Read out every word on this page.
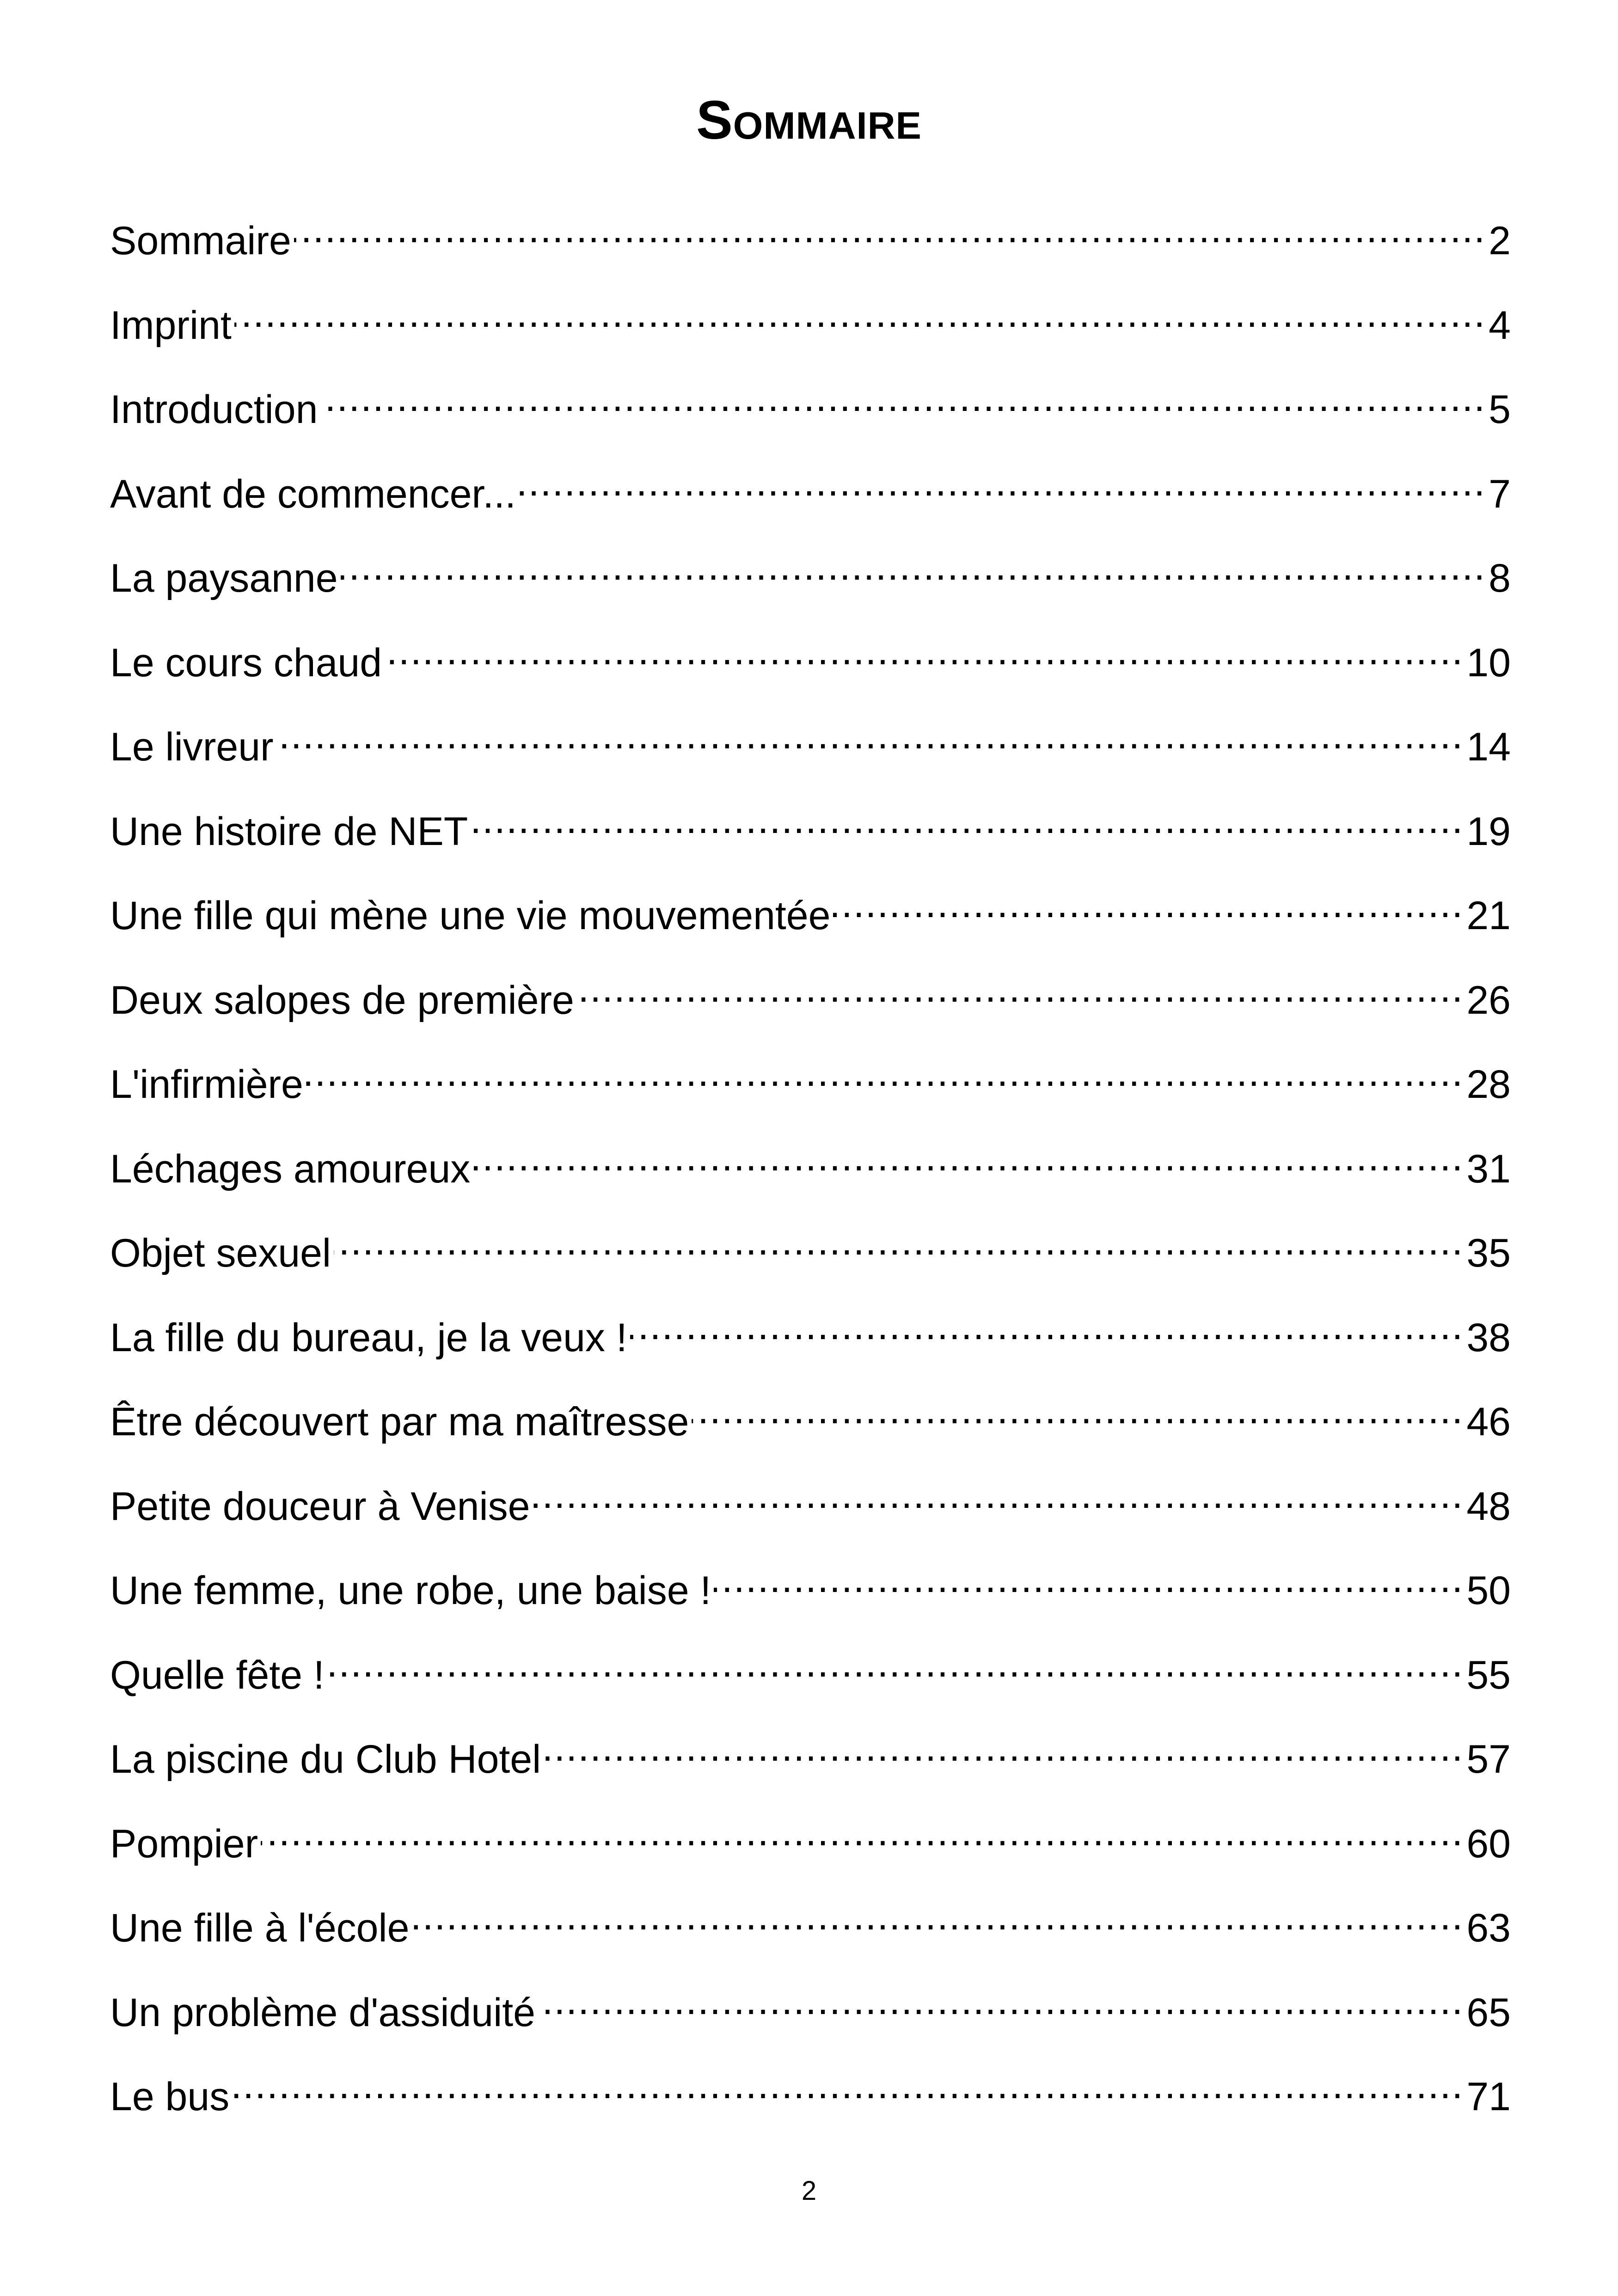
Sommaire
Sommaire .....	2
Imprint .....	4
Introduction .....	5
Avant de commencer... .....	7
La paysanne .....	8
Le cours chaud .....	10
Le livreur .....	14
Une histoire de NET .....	19
Une fille qui mène une vie mouvementée .....	21
Deux salopes de première .....	26
L'infirmière .....	28
Léchages amoureux .....	31
Objet sexuel .....	35
La fille du bureau, je la veux ! .....	38
Être découvert par ma maîtresse .....	46
Petite douceur à Venise .....	48
Une femme, une robe, une baise ! .....	50
Quelle fête ! .....	55
La piscine du Club Hotel .....	57
Pompier .....	60
Une fille à l'école .....	63
Un problème d'assiduité .....	65
Le bus .....	71
2
